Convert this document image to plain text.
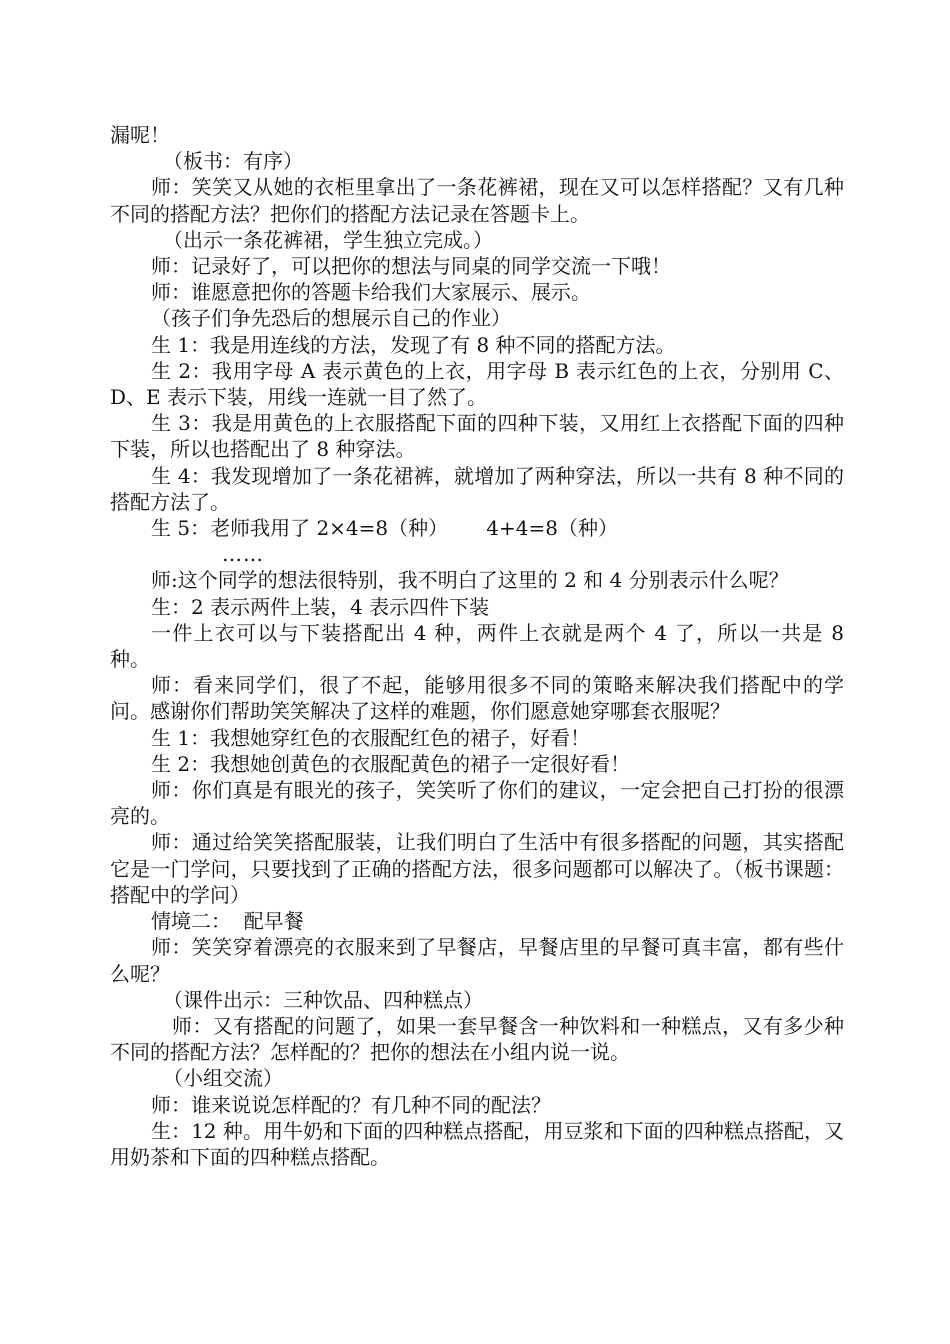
漏呢！

（板书：有序）

师：笑笑又从她的衣柜里拿出了一条花裤裙，现在又可以怎样搭配？又有几种不同的搭配方法？把你们的搭配方法记录在答题卡上。

（出示一条花裤裙，学生独立完成。）

师：记录好了，可以把你的想法与同桌的同学交流一下哦！

师：谁愿意把你的答题卡给我们大家展示、展示。

（孩子们争先恐后的想展示自己的作业）

生 1：我是用连线的方法，发现了有 8 种不同的搭配方法。

生 2：我用字母 A 表示黄色的上衣，用字母 B 表示红色的上衣，分别用 C、D、E 表示下装，用线一连就一目了然了。

生 3：我是用黄色的上衣服搭配下面的四种下装，又用红上衣搭配下面的四种下装，所以也搭配出了 8 种穿法。

生 4：我发现增加了一条花裙裤，就增加了两种穿法，所以一共有 8 种不同的搭配方法了。

生 5：老师我用了 2×4=8（种）      4+4=8（种）

……

师:这个同学的想法很特别，我不明白了这里的 2 和 4 分别表示什么呢？

生：2 表示两件上装，4 表示四件下装

一件上衣可以与下装搭配出 4 种，两件上衣就是两个 4 了，所以一共是 8 种。

师：看来同学们，很了不起，能够用很多不同的策略来解决我们搭配中的学问。感谢你们帮助笑笑解决了这样的难题，你们愿意她穿哪套衣服呢？

生 1：我想她穿红色的衣服配红色的裙子，好看！

生 2：我想她创黄色的衣服配黄色的裙子一定很好看！

师：你们真是有眼光的孩子，笑笑听了你们的建议，一定会把自己打扮的很漂亮的。

师：通过给笑笑搭配服装，让我们明白了生活中有很多搭配的问题，其实搭配它是一门学问，只要找到了正确的搭配方法，很多问题都可以解决了。（板书课题：搭配中的学问）

情境二：  配早餐

师：笑笑穿着漂亮的衣服来到了早餐店，早餐店里的早餐可真丰富，都有些什么呢？

（课件出示：三种饮品、四种糕点）

师：又有搭配的问题了，如果一套早餐含一种饮料和一种糕点，又有多少种不同的搭配方法？怎样配的？把你的想法在小组内说一说。

（小组交流）

师：谁来说说怎样配的？有几种不同的配法？

生：12 种。用牛奶和下面的四种糕点搭配，用豆浆和下面的四种糕点搭配，又用奶茶和下面的四种糕点搭配。
